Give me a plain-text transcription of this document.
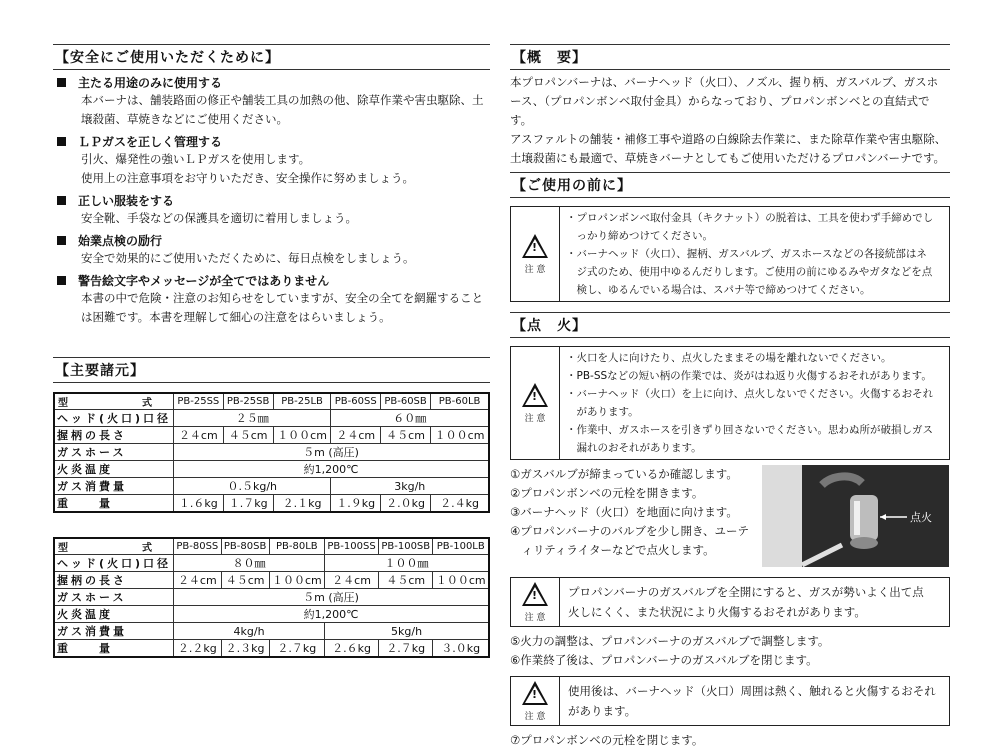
【安全にご使用いただくために】
主たる用途のみに使用する
本バーナは、舗装路面の修正や舗装工具の加熱の他、除草作業や害虫駆除、土
壌殺菌、草焼きなどにご使用ください。
ＬＰガスを正しく管理する
引火、爆発性の強いＬＰガスを使用します。
使用上の注意事項をお守りいただき、安全操作に努めましょう。
正しい服装をする
安全靴、手袋などの保護具を適切に着用しましょう。
始業点検の励行
安全で効果的にご使用いただくために、毎日点検をしましょう。
警告絵文字やメッセージが全てではありません
本書の中で危険・注意のお知らせをしていますが、安全の全てを網羅すること
は困難です。本書を理解して細心の注意をはらいましょう。
【主要諸元】
型　　式	PB-25SS	PB-25SB	PB-25LB	PB-60SS	PB-60SB	PB-60LB
ヘッド(火口)口径	２５㎜			６０㎜		
握柄の長さ	２４cm	４５cm	１００cm	２４cm	４５cm	１００cm
ガスホース	５m (高圧)					
火炎温度	約1,200℃					
ガス消費量	０.５kg/h			3kg/h		
重　　量	１.６kg	１.７kg	２.１kg	１.９kg	２.０kg	２.４kg
型　　式	PB-80SS	PB-80SB	PB-80LB	PB-100SS	PB-100SB	PB-100LB
ヘッド(火口)口径	８０㎜			１００㎜		
握柄の長さ	２４cm	４５cm	１００cm	２４cm	４５cm	１００cm
ガスホース	５m (高圧)					
火炎温度	約1,200℃					
ガス消費量	4kg/h			5kg/h		
重　　量	２.２kg	２.３kg	２.７kg	２.６kg	２.７kg	３.０kg
【概　要】
本プロパンバーナは、バーナヘッド（火口）、ノズル、握り柄、ガスバルブ、ガスホ
ース、（プロパンボンベ取付金具）からなっており、プロパンボンベとの直結式です。
アスファルトの舗装・補修工事や道路の白線除去作業に、また除草作業や害虫駆除、
土壌殺菌にも最適で、草焼きバーナとしてもご使用いただけるプロパンバーナです。
【ご使用の前に】
!
注 意
・プロパンボンベ取付金具（キクナット）の脱着は、工具を使わず手締めでし
　っかり締めつけてください。
・バーナヘッド（火口）、握柄、ガスバルブ、ガスホースなどの各接続部はネ
　ジ式のため、使用中ゆるんだりします。ご使用の前にゆるみやガタなどを点
　検し、ゆるんでいる場合は、スパナ等で締めつけてください。
【点　火】
!
注 意
・火口を人に向けたり、点火したままその場を離れないでください。
・PB-SSなどの短い柄の作業では、炎がはね返り火傷するおそれがあります。
・バーナヘッド（火口）を上に向け、点火しないでください。火傷するおそれ
　があります。
・作業中、ガスホースを引きずり回さないでください。思わぬ所が破損しガス
　漏れのおそれがあります。
①ガスバルブが締まっているか確認します。
②プロパンボンベの元栓を開きます。
③バーナヘッド（火口）を地面に向けます。
④プロパンバーナのバルブを少し開き、ユーテ
　ィリティライターなどで点火します。
点火
!
注 意
プロパンバーナのガスバルブを全開にすると、ガスが勢いよく出て点
火しにくく、また状況により火傷するおそれがあります。
⑤火力の調整は、プロパンバーナのガスバルブで調整します。
⑥作業終了後は、プロパンバーナのガスバルブを閉じます。
!
注 意
使用後は、バーナヘッド（火口）周囲は熱く、触れると火傷するおそれ
があります。
⑦プロパンボンベの元栓を閉じます。
